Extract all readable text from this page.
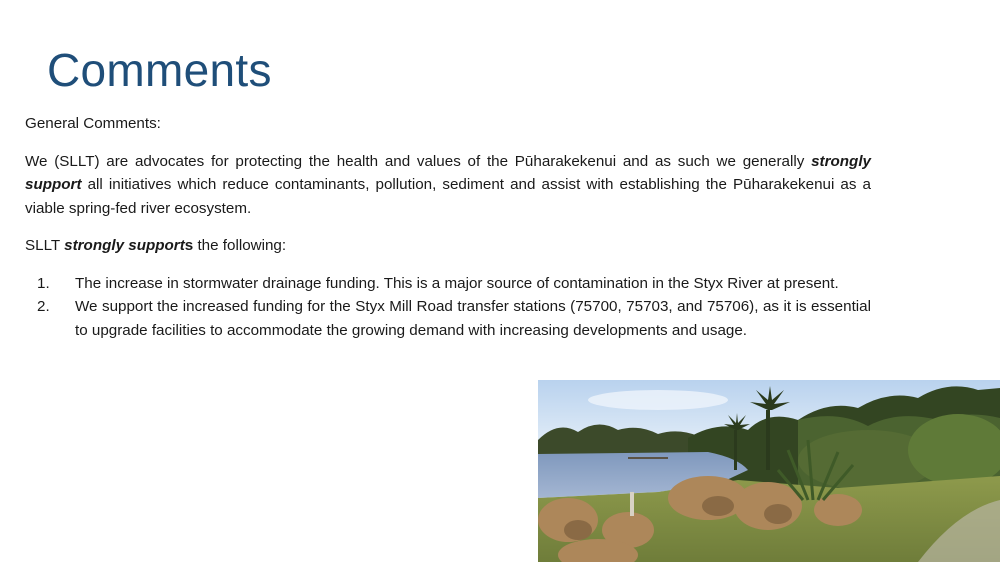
Comments

General Comments:

We (SLLT) are advocates for protecting the health and values of the Pūharakekenui and as such we generally strongly support all initiatives which reduce contaminants, pollution, sediment and assist with establishing the Pūharakekenui as a viable spring-fed river ecosystem.

SLLT strongly supports the following:

1. The increase in stormwater drainage funding. This is a major source of contamination in the Styx River at present.
2. We support the increased funding for the Styx Mill Road transfer stations (75700, 75703, and 75706), as it is essential to upgrade facilities to accommodate the growing demand with increasing developments and usage.
